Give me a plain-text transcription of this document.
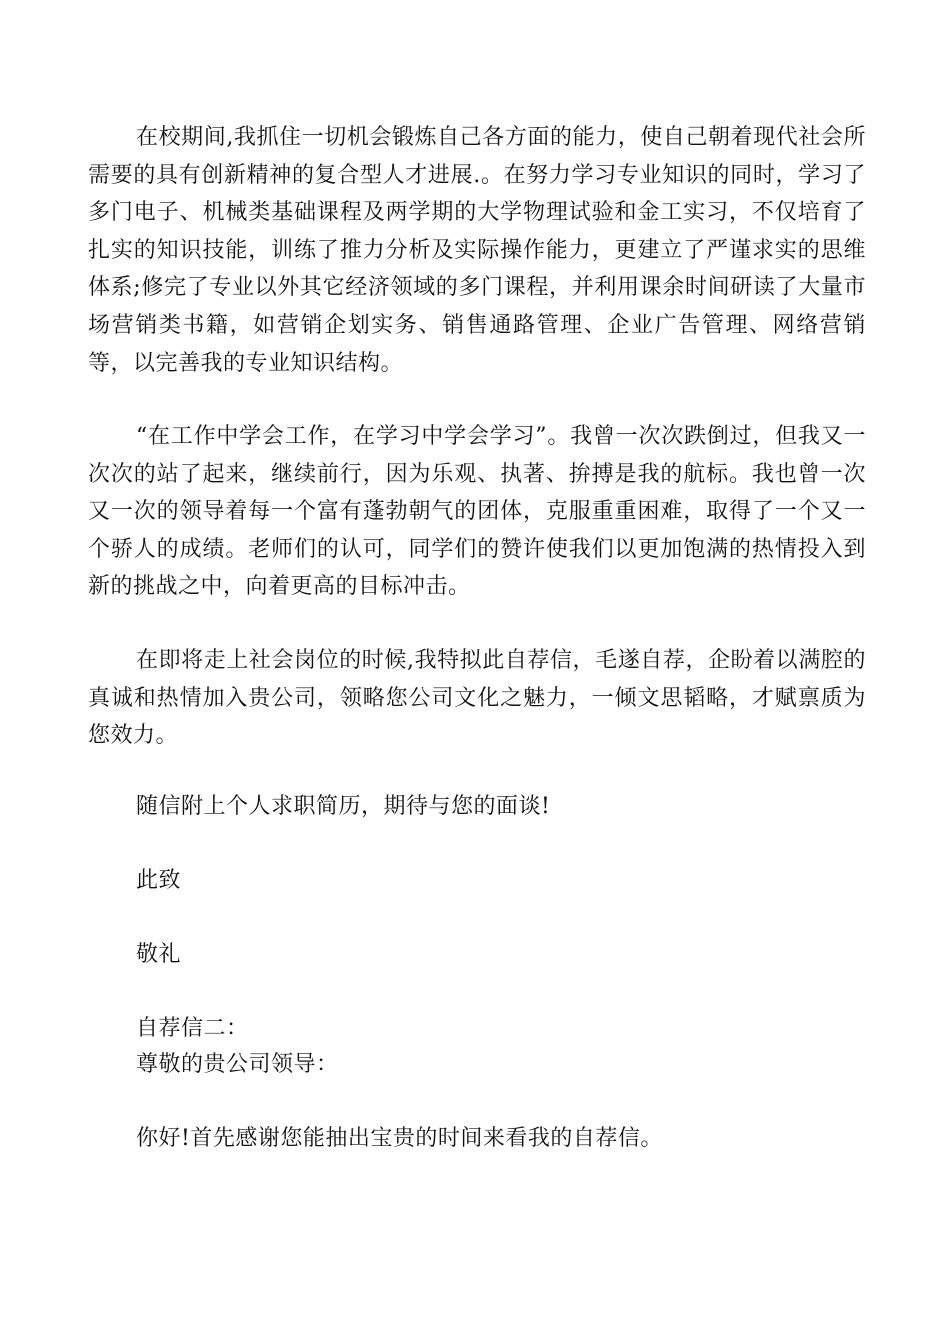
在校期间,我抓住一切机会锻炼自己各方面的能力，使自己朝着现代社会所需要的具有创新精神的复合型人才进展.。在努力学习专业知识的同时，学习了多门电子、机械类基础课程及两学期的大学物理试验和金工实习，不仅培育了扎实的知识技能，训练了推力分析及实际操作能力，更建立了严谨求实的思维体系;修完了专业以外其它经济领域的多门课程，并利用课余时间研读了大量市场营销类书籍，如营销企划实务、销售通路管理、企业广告管理、网络营销等，以完善我的专业知识结构。

“在工作中学会工作，在学习中学会学习”。我曾一次次跌倒过，但我又一次次的站了起来，继续前行，因为乐观、执著、拚搏是我的航标。我也曾一次又一次的领导着每一个富有蓬勃朝气的团体，克服重重困难，取得了一个又一个骄人的成绩。老师们的认可，同学们的赞许使我们以更加饱满的热情投入到新的挑战之中，向着更高的目标冲击。

在即将走上社会岗位的时候,我特拟此自荐信，毛遂自荐，企盼着以满腔的真诚和热情加入贵公司，领略您公司文化之魅力，一倾文思韬略，才赋禀质为您效力。

随信附上个人求职简历，期待与您的面谈!

此致

敬礼

自荐信二：

尊敬的贵公司领导：

你好!首先感谢您能抽出宝贵的时间来看我的自荐信。
